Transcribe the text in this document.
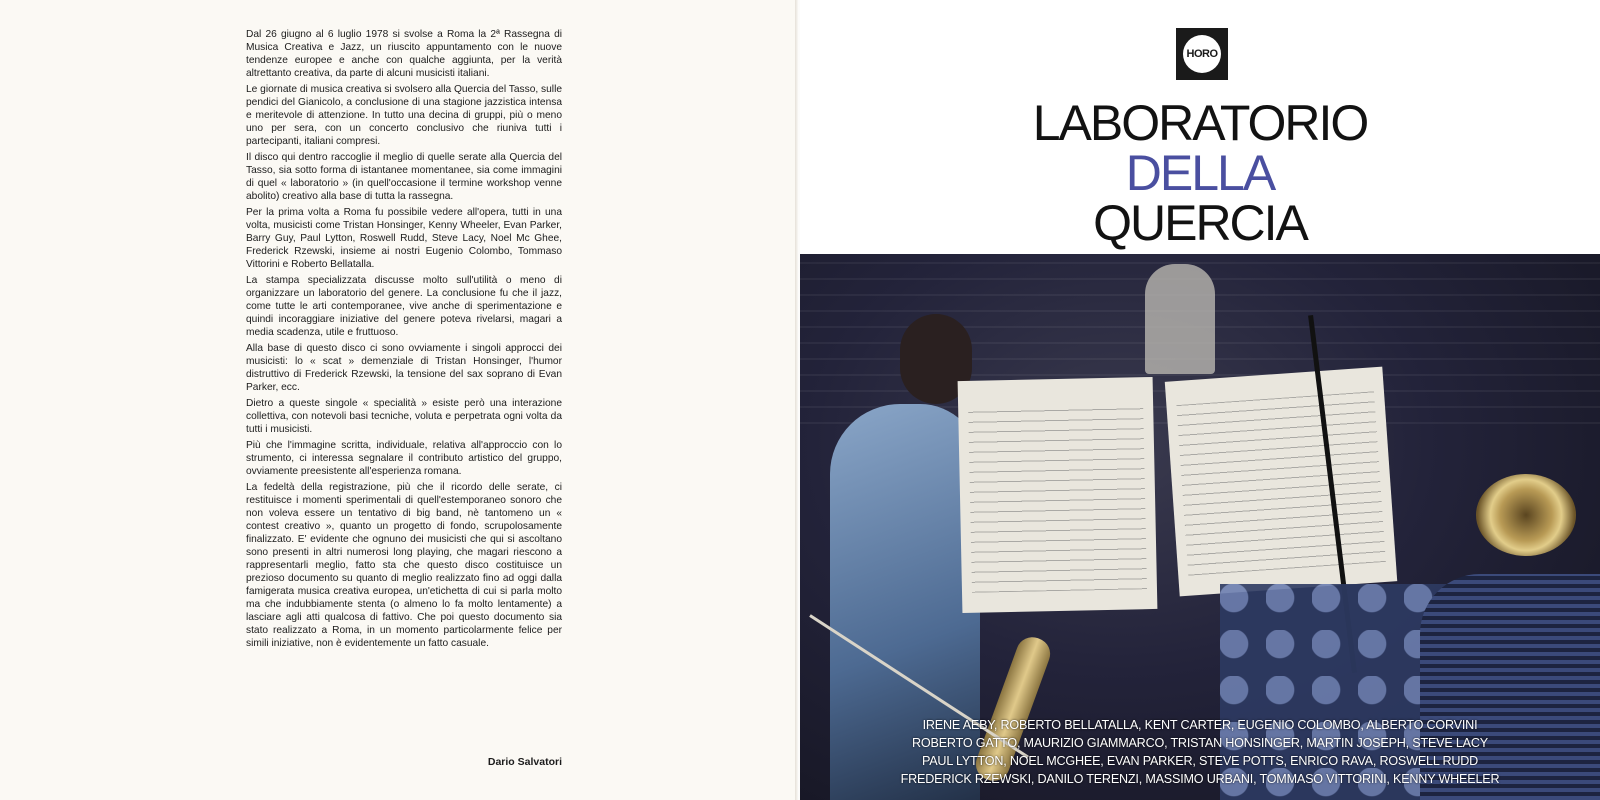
Dal 26 giugno al 6 luglio 1978 si svolse a Roma la 2ª Rassegna di Musica Creativa e Jazz, un riuscito appuntamento con le nuove tendenze europee e anche con qualche aggiunta, per la verità altrettanto creativa, da parte di alcuni musicisti italiani.

Le giornate di musica creativa si svolsero alla Quercia del Tasso, sulle pendici del Gianicolo, a conclusione di una stagione jazzistica intensa e meritevole di attenzione. In tutto una decina di gruppi, più o meno uno per sera, con un concerto conclusivo che riuniva tutti i partecipanti, italiani compresi.

Il disco qui dentro raccoglie il meglio di quelle serate alla Quercia del Tasso, sia sotto forma di istantanee momentanee, sia come immagini di quel « laboratorio » (in quell'occasione il termine workshop venne abolito) creativo alla base di tutta la rassegna.

Per la prima volta a Roma fu possibile vedere all'opera, tutti in una volta, musicisti come Tristan Honsinger, Kenny Wheeler, Evan Parker, Barry Guy, Paul Lytton, Roswell Rudd, Steve Lacy, Noel Mc Ghee, Frederick Rzewski, insieme ai nostri Eugenio Colombo, Tommaso Vittorini e Roberto Bellatalla.

La stampa specializzata discusse molto sull'utilità o meno di organizzare un laboratorio del genere. La conclusione fu che il jazz, come tutte le arti contemporanee, vive anche di sperimentazione e quindi incoraggiare iniziative del genere poteva rivelarsi, magari a media scadenza, utile e fruttuoso.

Alla base di questo disco ci sono ovviamente i singoli approcci dei musicisti: lo « scat » demenziale di Tristan Honsinger, l'humor distruttivo di Frederick Rzewski, la tensione del sax soprano di Evan Parker, ecc.

Dietro a queste singole « specialità » esiste però una interazione collettiva, con notevoli basi tecniche, voluta e perpetrata ogni volta da tutti i musicisti.

Più che l'immagine scritta, individuale, relativa all'approccio con lo strumento, ci interessa segnalare il contributo artistico del gruppo, ovviamente preesistente all'esperienza romana.

La fedeltà della registrazione, più che il ricordo delle serate, ci restituisce i momenti sperimentali di quell'estemporaneo sonoro che non voleva essere un tentativo di big band, nè tantomeno un « contest creativo », quanto un progetto di fondo, scrupolosamente finalizzato. E' evidente che ognuno dei musicisti che qui si ascoltano sono presenti in altri numerosi long playing, che magari riescono a rappresentarli meglio, fatto sta che questo disco costituisce un prezioso documento su quanto di meglio realizzato fino ad oggi dalla famigerata musica creativa europea, un'etichetta di cui si parla molto ma che indubbiamente stenta (o almeno lo fa molto lentamente) a lasciare agli atti qualcosa di fattivo. Che poi questo documento sia stato realizzato a Roma, in un momento particolarmente felice per simili iniziative, non è evidentemente un fatto casuale.

Dario Salvatori
HORO
LABORATORIO
DELLA
QUERCIA
IRENE AEBY, ROBERTO BELLATALLA, KENT CARTER, EUGENIO COLOMBO, ALBERTO CORVINI
ROBERTO GATTO, MAURIZIO GIAMMARCO, TRISTAN HONSINGER, MARTIN JOSEPH, STEVE LACY
PAUL LYTTON, NOEL MCGHEE, EVAN PARKER, STEVE POTTS, ENRICO RAVA, ROSWELL RUDD
FREDERICK RZEWSKI, DANILO TERENZI, MASSIMO URBANI, TOMMASO VITTORINI, KENNY WHEELER
